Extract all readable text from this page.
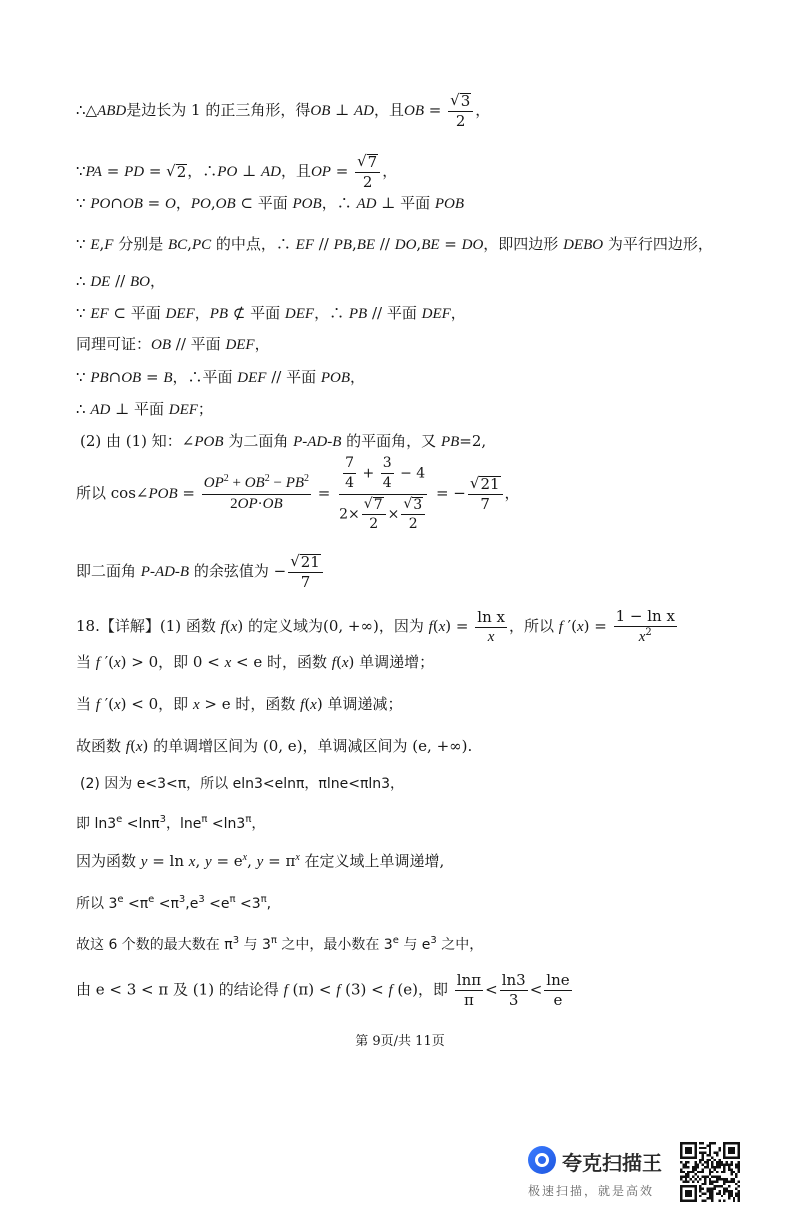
∴△ABD是边长为 1 的正三角形，得OB ⊥ AD，且OB = $\frac{√ 3}{2}$ ，
∵PA = PD = √ 2 ，∴PO ⊥ AD，且OP = $\frac{√ 7}{2}$ ，
∵ PO∩OB = O，PO,OB ⊂ 平面 POB，∴ AD ⊥ 平面 POB
∵ E,F 分别是 BC,PC 的中点，∴ EF // PB,BE // DO,BE = DO，即四边形 DEBO 为平行四边形，
∴ DE // BO，
∵ EF ⊂ 平面 DEF，PB ⊄ 平面 DEF，∴ PB // 平面 DEF，
同理可证：OB // 平面 DEF，
∵ PB∩OB = B，∴平面 DEF // 平面 POB，
∴ AD ⊥ 平面 DEF；
(2) 由 (1) 知：∠POB 为二面角 P-AD-B 的平面角，又 PB=2,
所以 cos∠POB = $\frac{OP^2 + OB^2 - PB^2}{2OP\cdot OB} = \frac{\frac{7}{4} + \frac{3}{4} - 4}{2\times \frac{√ 7}{2} \times \frac{√ 3}{2}}$ = − $\frac{√ 21}{7}$ ，
即二面角 P-AD-B 的余弦值为 − $\frac{√ 21}{7}$
18.【详解】(1) 函数 f(x) 的定义域为(0, +∞)，因为 $f(x) = \frac{\text{ln x}}{x}$ ，所以 f $'(x) = \frac{\text{1 − ln x}}{x^2}$
当 f ′(x) > 0，即 0 < x < e 时，函数 f(x) 单调递增；
当 f ′(x) < 0，即 x > e 时，函数 f(x) 单调递减；
故函数 f(x) 的单调增区间为 (0, e)，单调减区间为 (e, +∞).
(2) 因为 e<3<π，所以 eln3<elnπ，πlne<πln3，
即 $\ln 3^e <\ln\pi^3$，$\ln e^\pi <\ln 3^\pi$，
因为函数 y = ln x, $y = e^x$, $y = \pi^x$ 在定义域上单调递增,
所以 $3^e <\pi^e <\pi^3,e^3 <e^\pi <3^\pi$,
故这 6 个数的最大数在 $\pi^3$ 与 $3^\pi$ 之中，最小数在 3e 与 $e^3$ 之中，
由 e < 3 < π 及 (1) 的结论得 f (π) < f (3) < f (e)，即 $\frac{\ln\pi}{\pi} < \frac{\ln 3}{3} < \frac{\ln e}{e}$
第 9页/共 11页
夸克扫描王
极速扫描，就是高效
